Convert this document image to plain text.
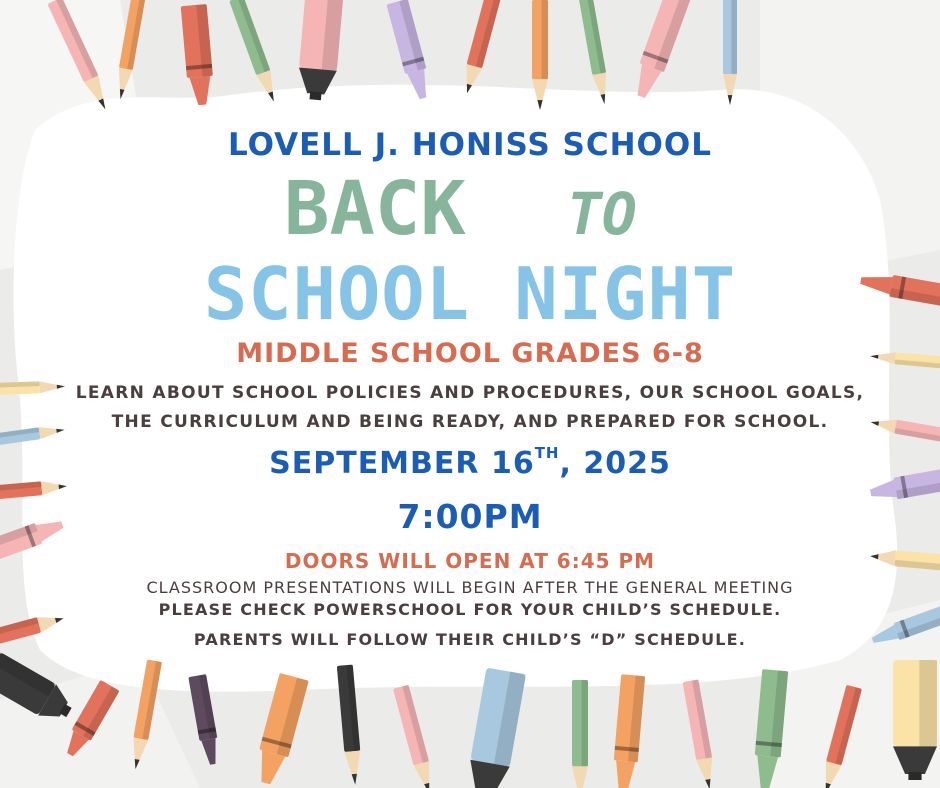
LOVELL J. HONISS SCHOOL
BACK TO
SCHOOL NIGHT
MIDDLE SCHOOL GRADES 6-8
LEARN ABOUT SCHOOL POLICIES AND PROCEDURES, OUR SCHOOL GOALS,
THE CURRICULUM AND BEING READY, AND PREPARED FOR SCHOOL.
SEPTEMBER 16TH, 2025
7:00PM
DOORS WILL OPEN AT 6:45 PM
CLASSROOM PRESENTATIONS WILL BEGIN AFTER THE GENERAL MEETING
PLEASE CHECK POWERSCHOOL FOR YOUR CHILD’S SCHEDULE.
PARENTS WILL FOLLOW THEIR CHILD’S “D” SCHEDULE.
